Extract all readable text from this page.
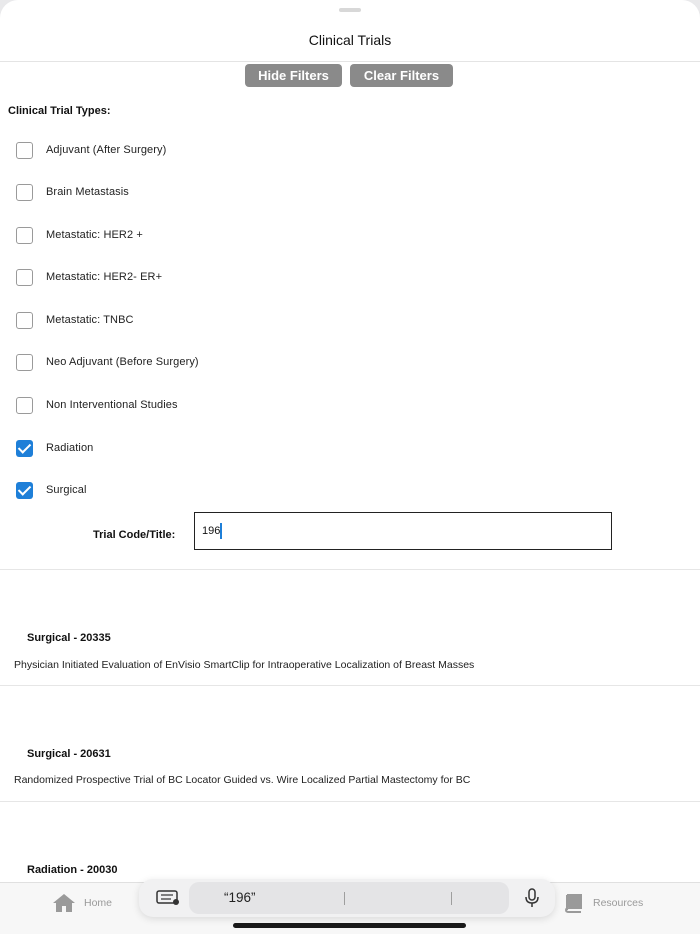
Clinical Trials
Hide Filters	Clear Filters
Clinical Trial Types:
Adjuvant (After Surgery)
Brain Metastasis
Metastatic: HER2 +
Metastatic: HER2- ER+
Metastatic: TNBC
Neo Adjuvant (Before Surgery)
Non Interventional Studies
Radiation
Surgical
Trial Code/Title:
196
Surgical - 20335
Physician Initiated Evaluation of EnVisio SmartClip for Intraoperative Localization of Breast Masses
Surgical - 20631
Randomized Prospective Trial of BC Locator Guided vs. Wire Localized Partial Mastectomy for BC
Radiation - 20030
Home	Resources
“196”
